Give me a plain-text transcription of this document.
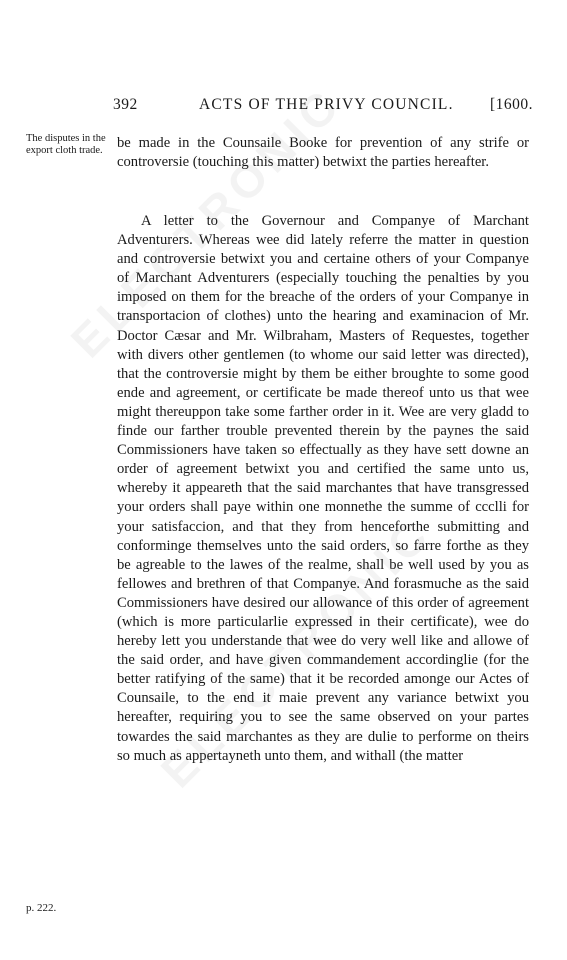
392	ACTS OF THE PRIVY COUNCIL. [1600.
The disputes in the export cloth trade.
p. 222.

be made in the Counsaile Booke for prevention of any strife or controversie (touching this matter) betwixt the parties hereafter.

A letter to the Governour and Companye of Marchant Adventurers. Whereas wee did lately referre the matter in question and controversie betwixt you and certaine others of your Companye of Marchant Adventurers (especially touching the penalties by you imposed on them for the breache of the orders of your Companye in transportacion of clothes) unto the hearing and examinacion of Mr. Doctor Cæsar and Mr. Wilbraham, Masters of Requestes, together with divers other gentlemen (to whome our said letter was directed), that the controversie might by them be either broughte to some good ende and agreement, or certificate be made thereof unto us that wee might thereuppon take some farther order in it. Wee are very gladd to finde our farther trouble prevented therein by the paynes the said Commissioners have taken so effectually as they have sett downe an order of agreement betwixt you and certified the same unto us, whereby it appeareth that the said marchantes that have transgressed your orders shall paye within one monnethe the summe of ccclli for your satisfaccion, and that they from henceforthe submitting and conforminge themselves unto the said orders, so farre forthe as they be agreable to the lawes of the realme, shall be well used by you as fellowes and brethren of that Companye. And forasmuche as the said Commissioners have desired our allowance of this order of agreement (which is more particularlie expressed in their certificate), wee do hereby lett you understande that wee do very well like and allowe of the said order, and have given commandement accordinglie (for the better ratifying of the same) that it be recorded amonge our Actes of Counsaile, to the end it maie prevent any variance betwixt you hereafter, requiring you to see the same observed on your partes towardes the said marchantes as they are dulie to performe on theirs so much as appertayneth unto them, and withall (the matter
